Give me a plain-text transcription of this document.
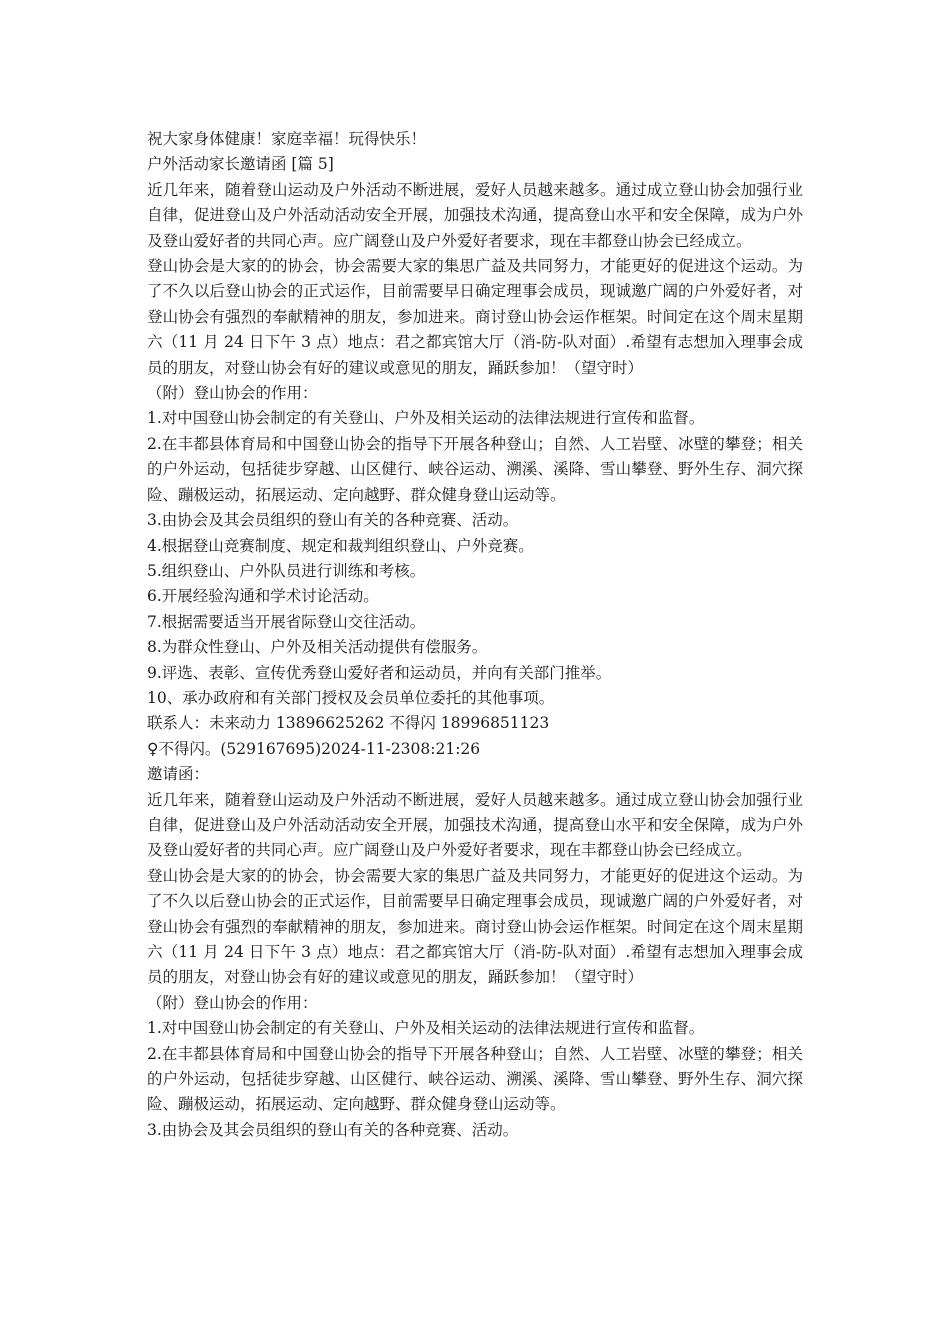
祝大家身体健康！家庭幸福！玩得快乐！

户外活动家长邀请函 [篇 5]

近几年来，随着登山运动及户外活动不断进展，爱好人员越来越多。通过成立登山协会加强行业自律，促进登山及户外活动活动安全开展，加强技术沟通，提高登山水平和安全保障，成为户外及登山爱好者的共同心声。应广阔登山及户外爱好者要求，现在丰都登山协会已经成立。

登山协会是大家的的协会，协会需要大家的集思广益及共同努力，才能更好的促进这个运动。为了不久以后登山协会的正式运作，目前需要早日确定理事会成员，现诚邀广阔的户外爱好者，对登山协会有强烈的奉献精神的朋友，参加进来。商讨登山协会运作框架。时间定在这个周末星期六（11 月 24 日下午 3 点）地点：君之都宾馆大厅（消-防-队对面）.希望有志想加入理事会成员的朋友，对登山协会有好的建议或意见的朋友，踊跃参加！（望守时）

（附）登山协会的作用：

1.对中国登山协会制定的有关登山、户外及相关运动的法律法规进行宣传和监督。

2.在丰都县体育局和中国登山协会的指导下开展各种登山；自然、人工岩壁、冰壁的攀登；相关的户外运动，包括徒步穿越、山区健行、峡谷运动、溯溪、溪降、雪山攀登、野外生存、洞穴探险、蹦极运动，拓展运动、定向越野、群众健身登山运动等。

3.由协会及其会员组织的登山有关的各种竞赛、活动。

4.根据登山竞赛制度、规定和裁判组织登山、户外竞赛。

5.组织登山、户外队员进行训练和考核。

6.开展经验沟通和学术讨论活动。

7.根据需要适当开展省际登山交往活动。

8.为群众性登山、户外及相关活动提供有偿服务。

9.评选、表彰、宣传优秀登山爱好者和运动员，并向有关部门推举。

10、承办政府和有关部门授权及会员单位委托的其他事项。

联系人：未来动力 13896625262 不得闪 18996851123

♀不得闪。(529167695)2024-11-2308:21:26

邀请函：

近几年来，随着登山运动及户外活动不断进展，爱好人员越来越多。通过成立登山协会加强行业自律，促进登山及户外活动活动安全开展，加强技术沟通，提高登山水平和安全保障，成为户外及登山爱好者的共同心声。应广阔登山及户外爱好者要求，现在丰都登山协会已经成立。

登山协会是大家的的协会，协会需要大家的集思广益及共同努力，才能更好的促进这个运动。为了不久以后登山协会的正式运作，目前需要早日确定理事会成员，现诚邀广阔的户外爱好者，对登山协会有强烈的奉献精神的朋友，参加进来。商讨登山协会运作框架。时间定在这个周末星期六（11 月 24 日下午 3 点）地点：君之都宾馆大厅（消-防-队对面）.希望有志想加入理事会成员的朋友，对登山协会有好的建议或意见的朋友，踊跃参加！（望守时）

（附）登山协会的作用：

1.对中国登山协会制定的有关登山、户外及相关运动的法律法规进行宣传和监督。

2.在丰都县体育局和中国登山协会的指导下开展各种登山；自然、人工岩壁、冰壁的攀登；相关的户外运动，包括徒步穿越、山区健行、峡谷运动、溯溪、溪降、雪山攀登、野外生存、洞穴探险、蹦极运动，拓展运动、定向越野、群众健身登山运动等。

3.由协会及其会员组织的登山有关的各种竞赛、活动。
